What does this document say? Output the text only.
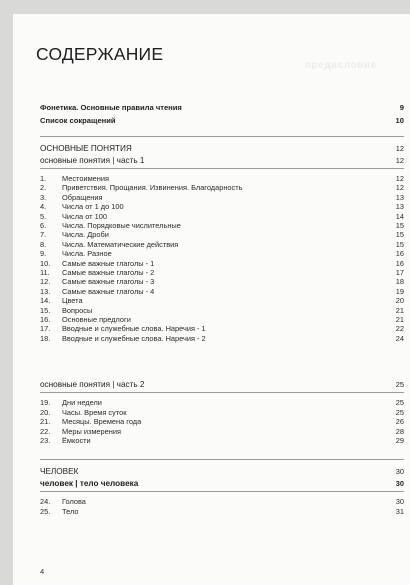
предисловие
СОДЕРЖАНИЕ
Фонетика. Основные правила чтения	9
Список сокращений	10
ОСНОВНЫЕ ПОНЯТИЯ	12
основные понятия | часть 1	12
1. Местоимения	12
2. Приветствия. Прощания. Извинения. Благодарность	12
3. Обращения	13
4. Числа от 1 до 100	13
5. Числа от 100	14
6. Числа. Порядковые числительные	15
7. Числа. Дроби	15
8. Числа. Математические действия	15
9. Числа. Разное	16
10. Самые важные глаголы - 1	16
11. Самые важные глаголы - 2	17
12. Самые важные глаголы - 3	18
13. Самые важные глаголы - 4	19
14. Цвета	20
15. Вопросы	21
16. Основные предлоги	21
17. Вводные и служебные слова. Наречия - 1	22
18. Вводные и служебные слова. Наречия - 2	24
основные понятия | часть 2	25
19. Дни недели	25
20. Часы. Время суток	25
21. Месяцы. Времена года	26
22. Меры измерения	28
23. Ёмкости	29
ЧЕЛОВЕК	30
человек | тело человека	30
24. Голова	30
25. Тело	31
4
